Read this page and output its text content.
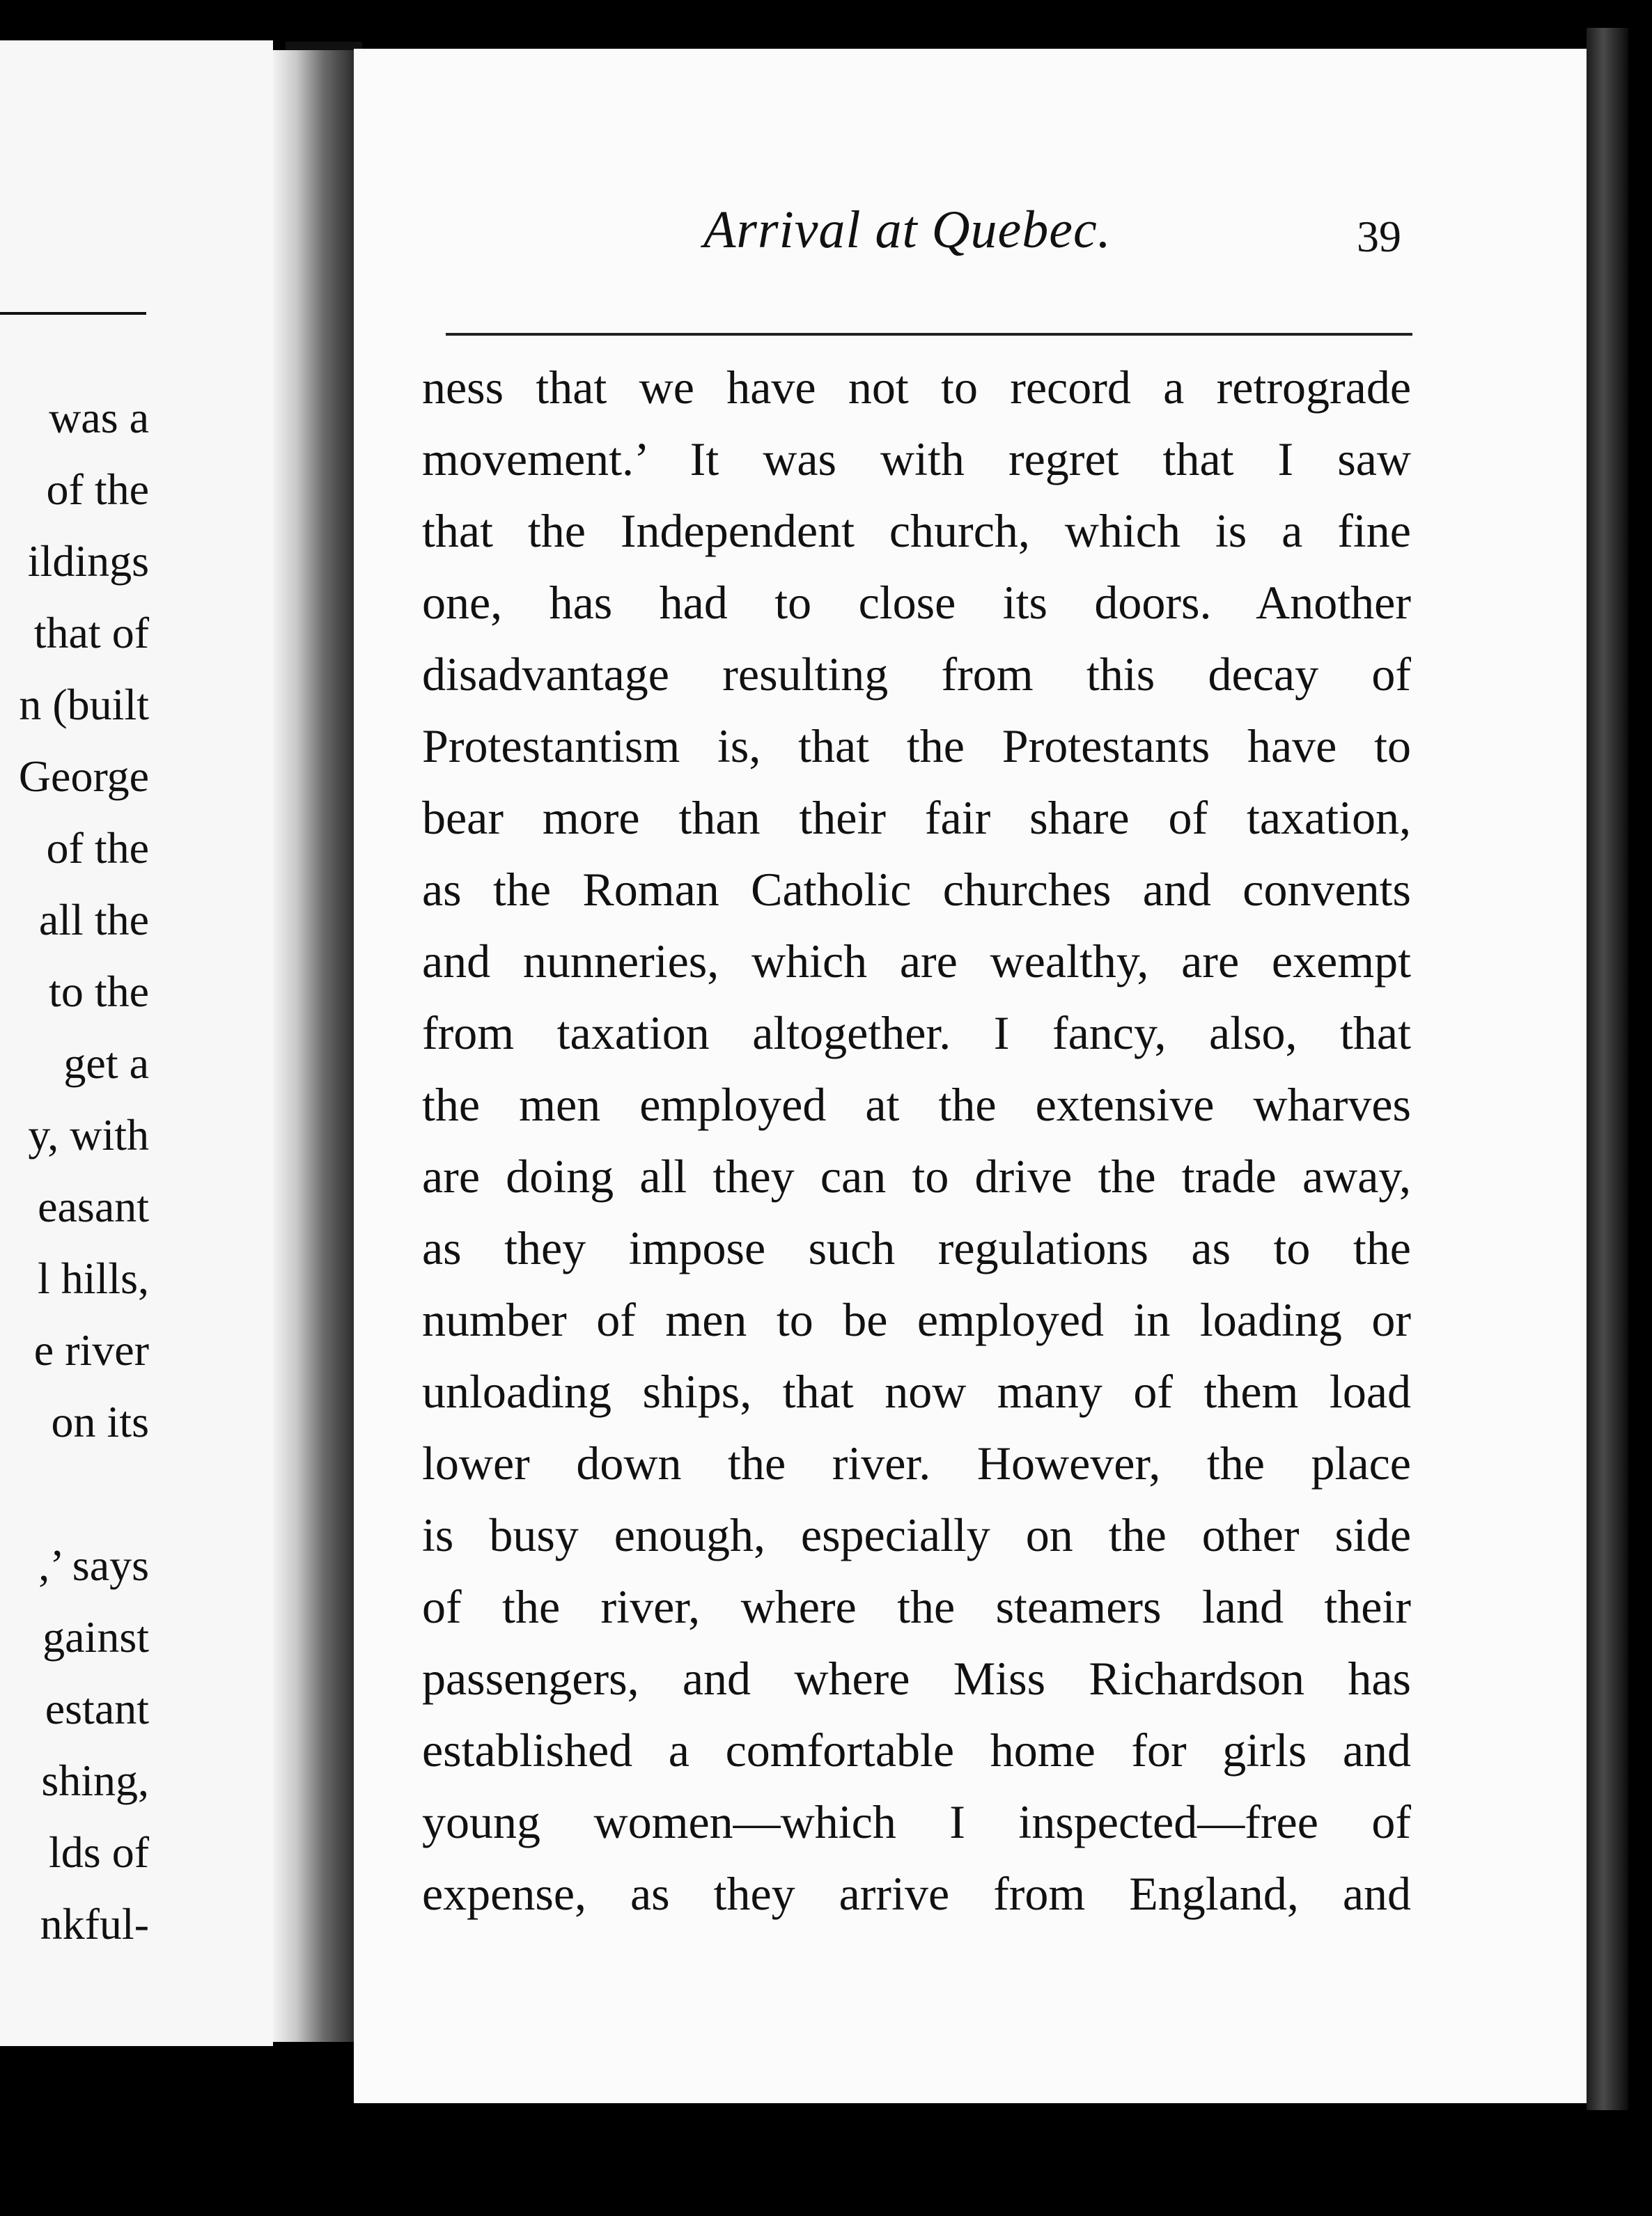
was a
of the
ildings
that of
n (built
George
of the
all the
to the
get a
y, with
easant
l hills,
e river
on its
,’ says
gainst
estant
shing,
lds of
nkful-
Arrival at Quebec.	39
ness that we have not to record a retrograde
movement.’ It was with regret that I saw
that the Independent church, which is a fine
one, has had to close its doors. Another
disadvantage resulting from this decay of
Protestantism is, that the Protestants have to
bear more than their fair share of taxation,
as the Roman Catholic churches and convents
and nunneries, which are wealthy, are exempt
from taxation altogether. I fancy, also, that
the men employed at the extensive wharves
are doing all they can to drive the trade away,
as they impose such regulations as to the
number of men to be employed in loading or
unloading ships, that now many of them load
lower down the river. However, the place
is busy enough, especially on the other side
of the river, where the steamers land their
passengers, and where Miss Richardson has
established a comfortable home for girls and
young women—which I inspected—free of
expense, as they arrive from England, and
